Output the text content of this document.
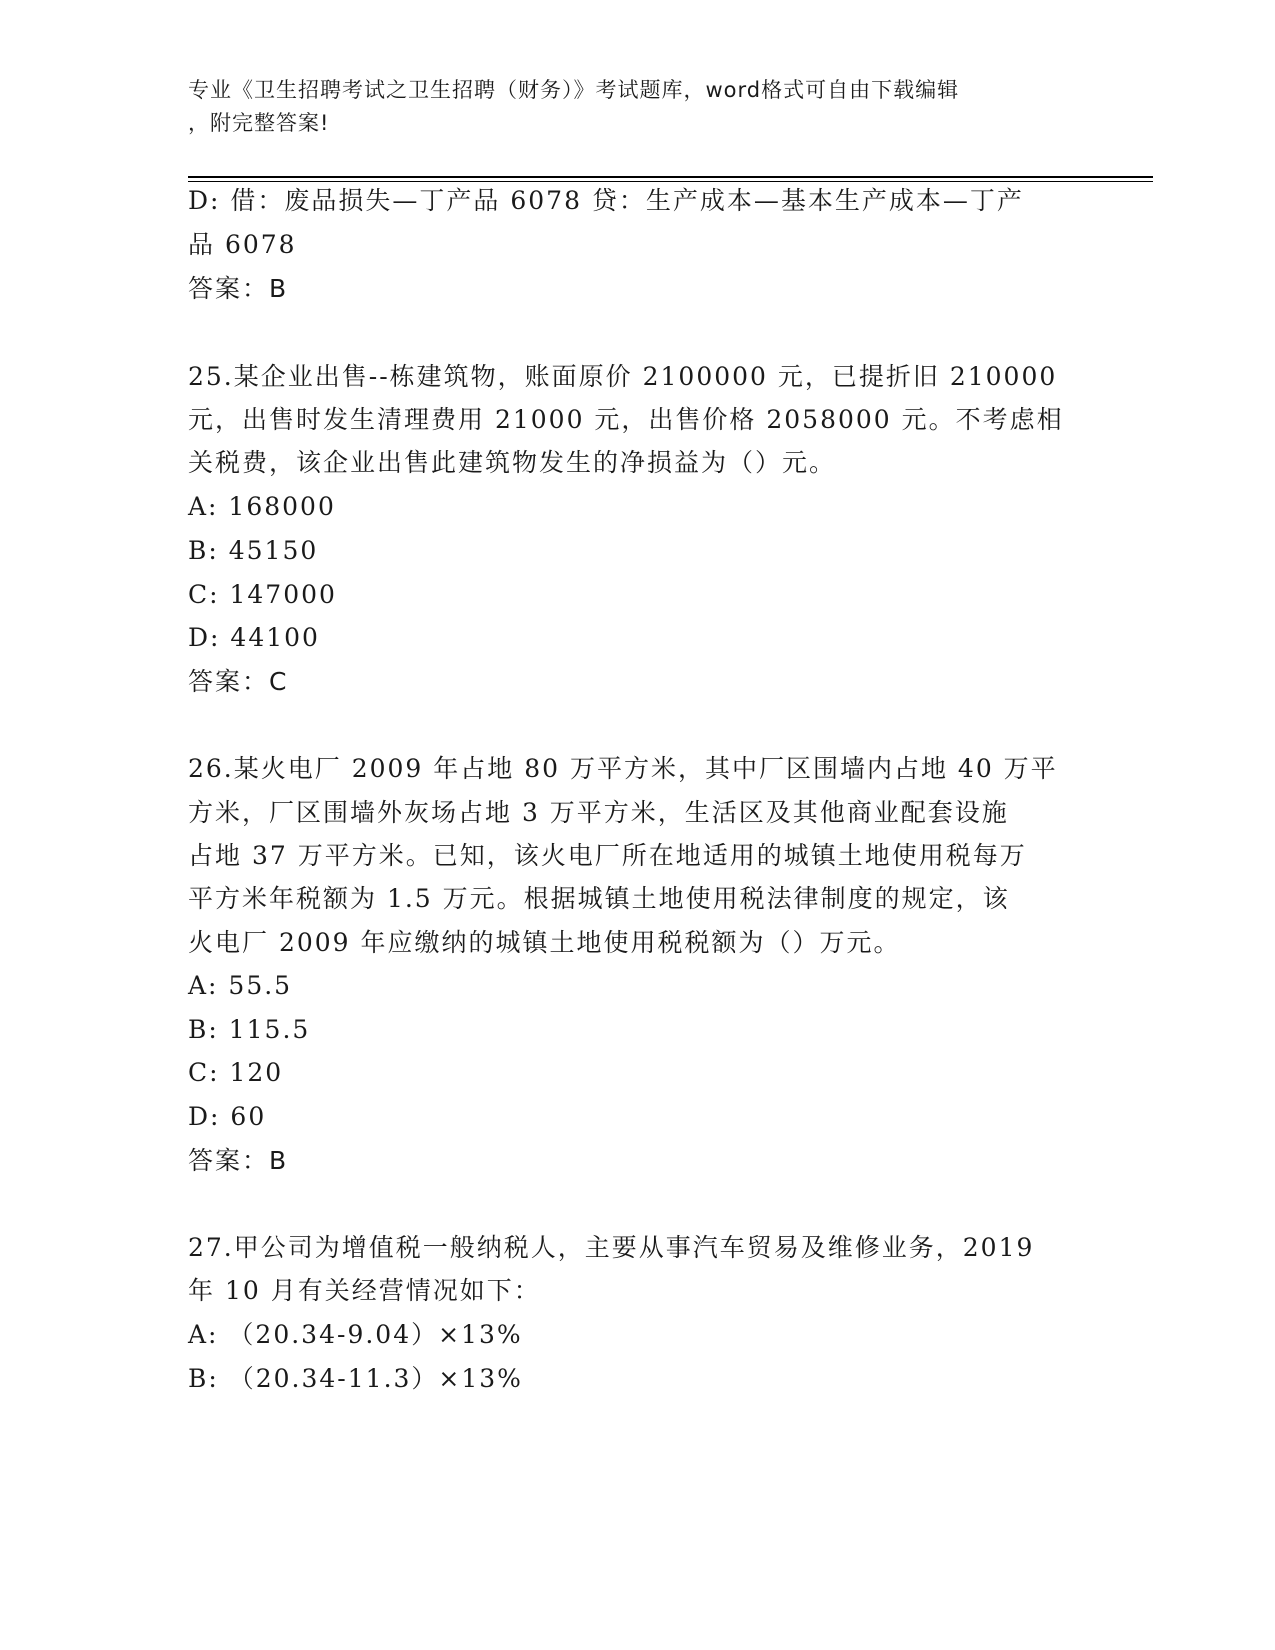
专业《卫生招聘考试之卫生招聘（财务）》考试题库，word格式可自由下载编辑
，附完整答案!
D: 借：废品损失—丁产品 6078 贷：生产成本—基本生产成本—丁产
品 6078
答案：B
25.某企业出售--栋建筑物，账面原价 2100000 元，已提折旧 210000
元，出售时发生清理费用 21000 元，出售价格 2058000 元。不考虑相
关税费，该企业出售此建筑物发生的净损益为（）元。
A: 168000
B: 45150
C: 147000
D: 44100
答案：C
26.某火电厂 2009 年占地 80 万平方米，其中厂区围墙内占地 40 万平
方米，厂区围墙外灰场占地 3 万平方米，生活区及其他商业配套设施
占地 37 万平方米。已知，该火电厂所在地适用的城镇土地使用税每万
平方米年税额为 1.5 万元。根据城镇土地使用税法律制度的规定，该
火电厂 2009 年应缴纳的城镇土地使用税税额为（）万元。
A: 55.5
B: 115.5
C: 120
D: 60
答案：B
27.甲公司为增值税一般纳税人，主要从事汽车贸易及维修业务，2019
年 10 月有关经营情况如下：
A: （20.34-9.04）×13%
B: （20.34-11.3）×13%
